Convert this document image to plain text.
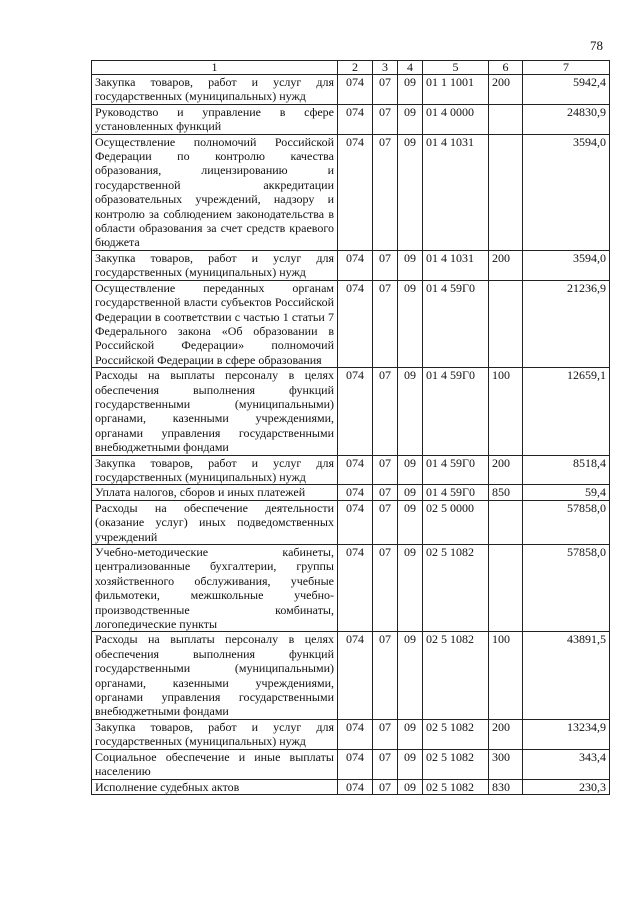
78
1	2	3	4	5	6	7
Закупка товаров, работ и услуг для государственных (муниципальных) нужд	074	07	09	01 1 1001	200	5942,4
Руководство и управление в сфере установленных функций	074	07	09	01 4 0000		24830,9
Осуществление полномочий Российской Федерации по контролю качества образования, лицензированию и государственной аккредитации образовательных учреждений, надзору и контролю за соблюдением законодательства в области образования за счет средств краевого бюджета	074	07	09	01 4 1031		3594,0
Закупка товаров, работ и услуг для государственных (муниципальных) нужд	074	07	09	01 4 1031	200	3594,0
Осуществление переданных органам государственной власти субъектов Российской Федерации в соответствии с частью 1 статьи 7 Федерального закона «Об образовании в Российской Федерации» полномочий Российской Федерации в сфере образования	074	07	09	01 4 59Г0		21236,9
Расходы на выплаты персоналу в целях обеспечения выполнения функций государственными (муниципальными) органами, казенными учреждениями, органами управления государственными внебюджетными фондами	074	07	09	01 4 59Г0	100	12659,1
Закупка товаров, работ и услуг для государственных (муниципальных) нужд	074	07	09	01 4 59Г0	200	8518,4
Уплата налогов, сборов и иных платежей	074	07	09	01 4 59Г0	850	59,4
Расходы на обеспечение деятельности (оказание услуг) иных подведомственных учреждений	074	07	09	02 5 0000		57858,0
Учебно-методические кабинеты, централизованные бухгалтерии, группы хозяйственного обслуживания, учебные фильмотеки, межшкольные учебно-производственные комбинаты, логопедические пункты	074	07	09	02 5 1082		57858,0
Расходы на выплаты персоналу в целях обеспечения выполнения функций государственными (муниципальными) органами, казенными учреждениями, органами управления государственными внебюджетными фондами	074	07	09	02 5 1082	100	43891,5
Закупка товаров, работ и услуг для государственных (муниципальных) нужд	074	07	09	02 5 1082	200	13234,9
Социальное обеспечение и иные выплаты населению	074	07	09	02 5 1082	300	343,4
Исполнение судебных актов	074	07	09	02 5 1082	830	230,3
